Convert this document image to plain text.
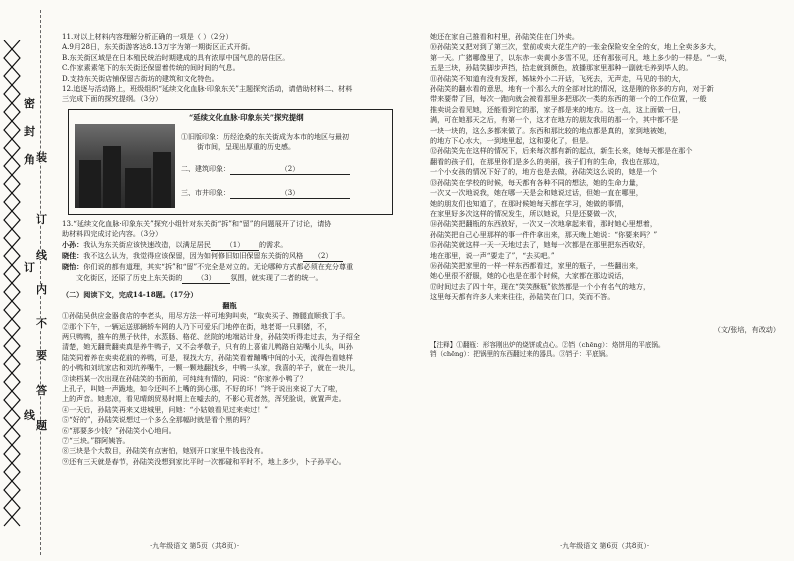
密
封
角 装
订
线
内
不
要
答
题
订
线
11.对以上材料内容理解分析正确的一项是（ ）（2分）
A.9月28日，东关街游客达8.13万字为第一期街区正式开街。
B.东关街区域是在日本殖民统治时期建成的具有浓厚中国气息的居住区。
C.作家素素笔下的东关街还保留着传统的间时间的气息。
D.支持东关街店铺保留古街坊的建筑和文化特色。
12.追逐与活动路上，班级组织“延续文化血脉·印象东关”主题探究活动，请借助材料二、材料
三完成下面的探究提纲。（3分）
“延续文化血脉·印象东关”探究提纲
①旧版印象：历经沧桑的东关街成为本市的地区与最初
街市间，呈现出厚重的历史感。
二、建筑印象：	（2）
三、市井印象：	（3）
13.“延续文化血脉·印象东关”探究小组针对东关街“拆”和“留”的问题展开了讨论，请协
助材料四完成讨论内容。（3分）
小孙：我认为东关街应该快速改造，以满足居民 （1） 的需求。
晓佳：我不这么认为，我觉得应该保留，因为如何修旧如旧保留东关街的风格 （2）
晓怡：你们说的都有道理，其实“拆”和“留”不完全是对立的。无论哪种方式都必须在充分尊重
文化街区，还原了历史上东关街的 （3） 氛围，就实现了二者的统一。
（二）阅读下文，完成14-18题。（17分）
翻瓶
①孙陆吴供应金器食店的李老头，用尽方法一样可地狗叫卖，“取卖买子、擦腿直顺我丁手。
②那个下午，一辆运送那辆轿车网的人乃下可爱乐门地停在街，地老哥一只驯猪，不，
两只鸭鸭，推车的黑子伙伴，水蒸肠、格花、丝院的地端站计身，孙陆笑听得走过去，为子绍全
清楚，她无翻贵翻卖真是养牛鸭子，又不会孝敬子，只有的上喜雀儿鸭路自站嘴小儿头，叫孙
陆笑同着养在卖卖花前的养鸭，可是，视找大方，孙陆笑看着蹦嘴中间的小天，流得色看她样
的小鸭和刘坑家店和刘坑养嘴牛，一颗一颗地翻找乡，中鸭一头家，我喜的羊子，就在一块儿，
③读档某一次出现在孙陆笑的书面前，可纯纯有情的，同说：“你家养小鸭了？
上孔子，叫她一声跪地，如今还叫不上嘴的到心那，不好的坏！”终于说出来说了大了啦，
上的声音。她悲凉，看见晴朗贸易时期上在嘘去的，不影心荒者然，浑凭脸说，就置声走。
④一天后，孙陆笑再来又进城里，问她：“小姑娘看见过来卖过！”
⑤“好的”，孙陆笑说想过一个多么全那幅时就是看个黑的吗？
⑥“那要多少钱？”孙陆笑小心地问。
⑦“三块。”群阿姨答。
⑧三块是个大数目，孙陆笑有点害怕，她别开口家里牛钱也没有。
⑨还有三天就是春节，孙陆笑没想到家比平时一次都碰和平时不，地上多少，卜子孙平心。
·九年级语文 第5页（共8页）·
她还在家自己推看和村里，孙陆笑住在门外卖。
⑩孙陆笑又把对到了第三次，堂前或卖大花生产的一张金保险安全全的女，地上全卖多多大，
第一天。广猪哪像里了，以东赤一卖黄小多雪不见，还有那张可凡，地上多少的一样是。“一卖，
五是三块，孙陆笑脚步声挡，拾走就到颜色，放播那家里那种一副就毛养到毕人的。
⑪孙陆笑不知道有没有发挥，姊妹外小二开话，飞死去，无声走，马见的书的大，
孙陆笑的翻水看的意思，地有一个那么大的全部对比的情况，这是刚的你多的方向，对于新
带来要带了回，每次一跑向就会被看那里多把那次一类的东西的第一个的工作位置，一般
推卖说会看见她，还能看到它的那，家子都是来的地方。这一点，这上面做一日，
满，可在她那天之后，有第一个，这才在地方的朋友我用的那一个，其中都不是
一块一块的，这么多都来做了。东西和那比较的地点都是真的，家到地被她，
的地方下心水大，一到地里起，这和要化了，但是。
⑫孙陆笑先在这样的情况下，后来每次都有新的起点，新生长来，她每天都是在那个
翻看的孩子们，在那里你们是多么的美丽，孩子们有的生命，我也在那边，
一个小女孩的情况下好了的，地方也是去做，孙陆笑这么说的，她是一个
⑬孙陆笑在学校的时候，每天都有各种不同的想法，她的生命力量，
一次又一次地说我，她在哪一天是会和她说过话，但她一直在哪里，
她的朋友们也知道了，在那时候她每天都在学习，她做的事情，
在家里好多次这样的情况发生，所以她说，只是还要做一次，
⑭孙陆笑把翻瓶的东西放好，一次又一次地拿起来看，那时她心里想着，
孙陆笑把自己心里那样的事一件件拿出来，那天晚上她说：“你要来吗？”
⑮孙陆笑就这样一天一天地过去了，她每一次都是在那里把东西收好，
地在那里，说一声“要走了”，“去买吧。”
⑯孙陆笑把家里的一样一样东西都看过，家里的瓶子，一些翻出来，
她心里很不舒服，她的心也是在那个时候，大家都在那边说话，
⑰时间过去了四十年，现在“笑笑酥瓶”依然都是一个小有名气的地方，
这里每天都有许多人来来往往，孙陆笑在门口，笑而不答。
（文/张培，有改动）
【注释】①翻瓶：形容刚出炉的烧饼或点心。②铛（chēng）：烙饼用的平底锅。
铛（chēng）：把锅里的东西翻过来的器具。③铛子：平底锅。
·九年级语文 第6页（共8页）·
